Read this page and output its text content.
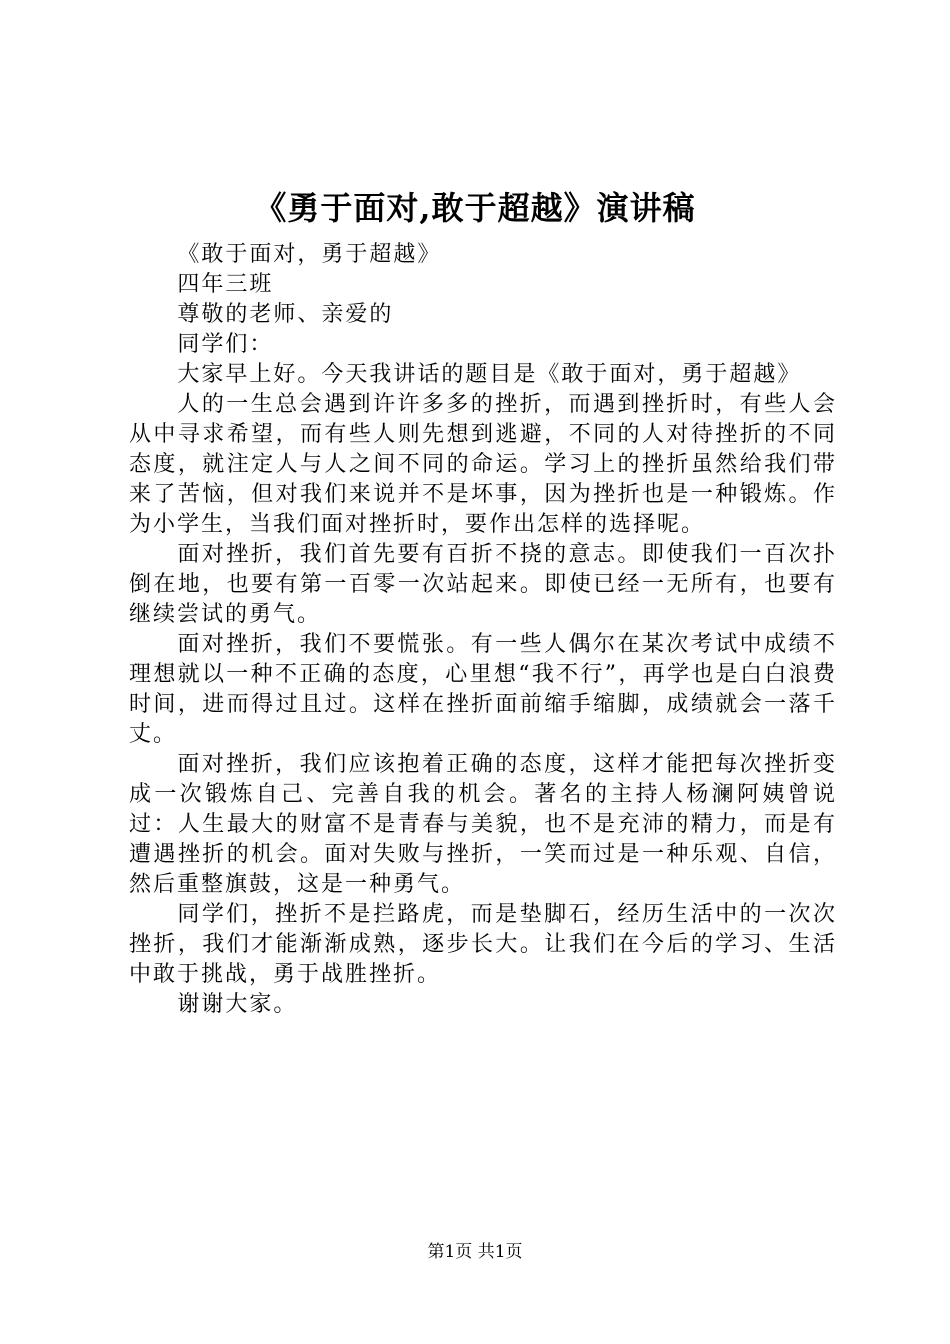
《勇于面对,敢于超越》演讲稿

《敢于面对，勇于超越》

四年三班

尊敬的老师、亲爱的

同学们：

大家早上好。今天我讲话的题目是《敢于面对，勇于超越》

人的一生总会遇到许许多多的挫折，而遇到挫折时，有些人会从中寻求希望，而有些人则先想到逃避，不同的人对待挫折的不同态度，就注定人与人之间不同的命运。学习上的挫折虽然给我们带来了苦恼，但对我们来说并不是坏事，因为挫折也是一种锻炼。作为小学生，当我们面对挫折时，要作出怎样的选择呢。

面对挫折，我们首先要有百折不挠的意志。即使我们一百次扑倒在地，也要有第一百零一次站起来。即使已经一无所有，也要有继续尝试的勇气。

面对挫折，我们不要慌张。有一些人偶尔在某次考试中成绩不理想就以一种不正确的态度，心里想“我不行”，再学也是白白浪费时间，进而得过且过。这样在挫折面前缩手缩脚，成绩就会一落千丈。

面对挫折，我们应该抱着正确的态度，这样才能把每次挫折变成一次锻炼自己、完善自我的机会。著名的主持人杨澜阿姨曾说过：人生最大的财富不是青春与美貌，也不是充沛的精力，而是有遭遇挫折的机会。面对失败与挫折，一笑而过是一种乐观、自信，然后重整旗鼓，这是一种勇气。

同学们，挫折不是拦路虎，而是垫脚石，经历生活中的一次次挫折，我们才能渐渐成熟，逐步长大。让我们在今后的学习、生活中敢于挑战，勇于战胜挫折。

谢谢大家。

第1页 共1页
